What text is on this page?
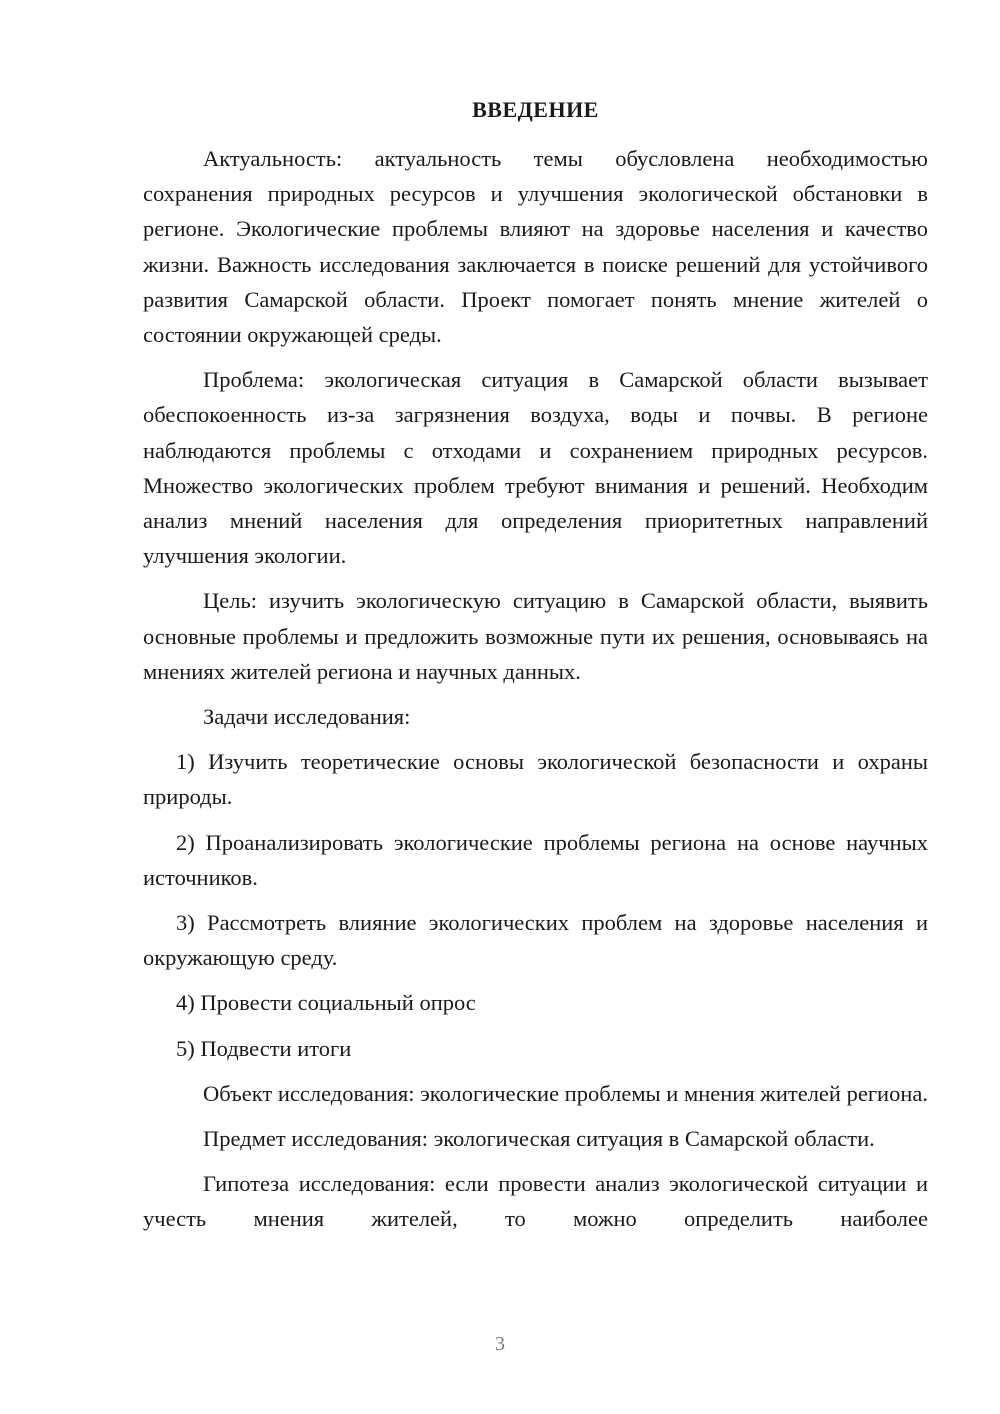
ВВЕДЕНИЕ

Актуальность: актуальность темы обусловлена необходимостью сохранения природных ресурсов и улучшения экологической обстановки в регионе. Экологические проблемы влияют на здоровье населения и качество жизни. Важность исследования заключается в поиске решений для устойчивого развития Самарской области. Проект помогает понять мнение жителей о состоянии окружающей среды.

Проблема: экологическая ситуация в Самарской области вызывает обеспокоенность из-за загрязнения воздуха, воды и почвы. В регионе наблюдаются проблемы с отходами и сохранением природных ресурсов. Множество экологических проблем требуют внимания и решений. Необходим анализ мнений населения для определения приоритетных направлений улучшения экологии.

Цель: изучить экологическую ситуацию в Самарской области, выявить основные проблемы и предложить возможные пути их решения, основываясь на мнениях жителей региона и научных данных.

Задачи исследования:

1) Изучить теоретические основы экологической безопасности и охраны природы.

2) Проанализировать экологические проблемы региона на основе научных источников.

3) Рассмотреть влияние экологических проблем на здоровье населения и окружающую среду.

4) Провести социальный опрос

5) Подвести итоги

Объект исследования: экологические проблемы и мнения жителей региона.

Предмет исследования: экологическая ситуация в Самарской области.

Гипотеза исследования: если провести анализ экологической ситуации и учесть мнения жителей, то можно определить наиболее

3
